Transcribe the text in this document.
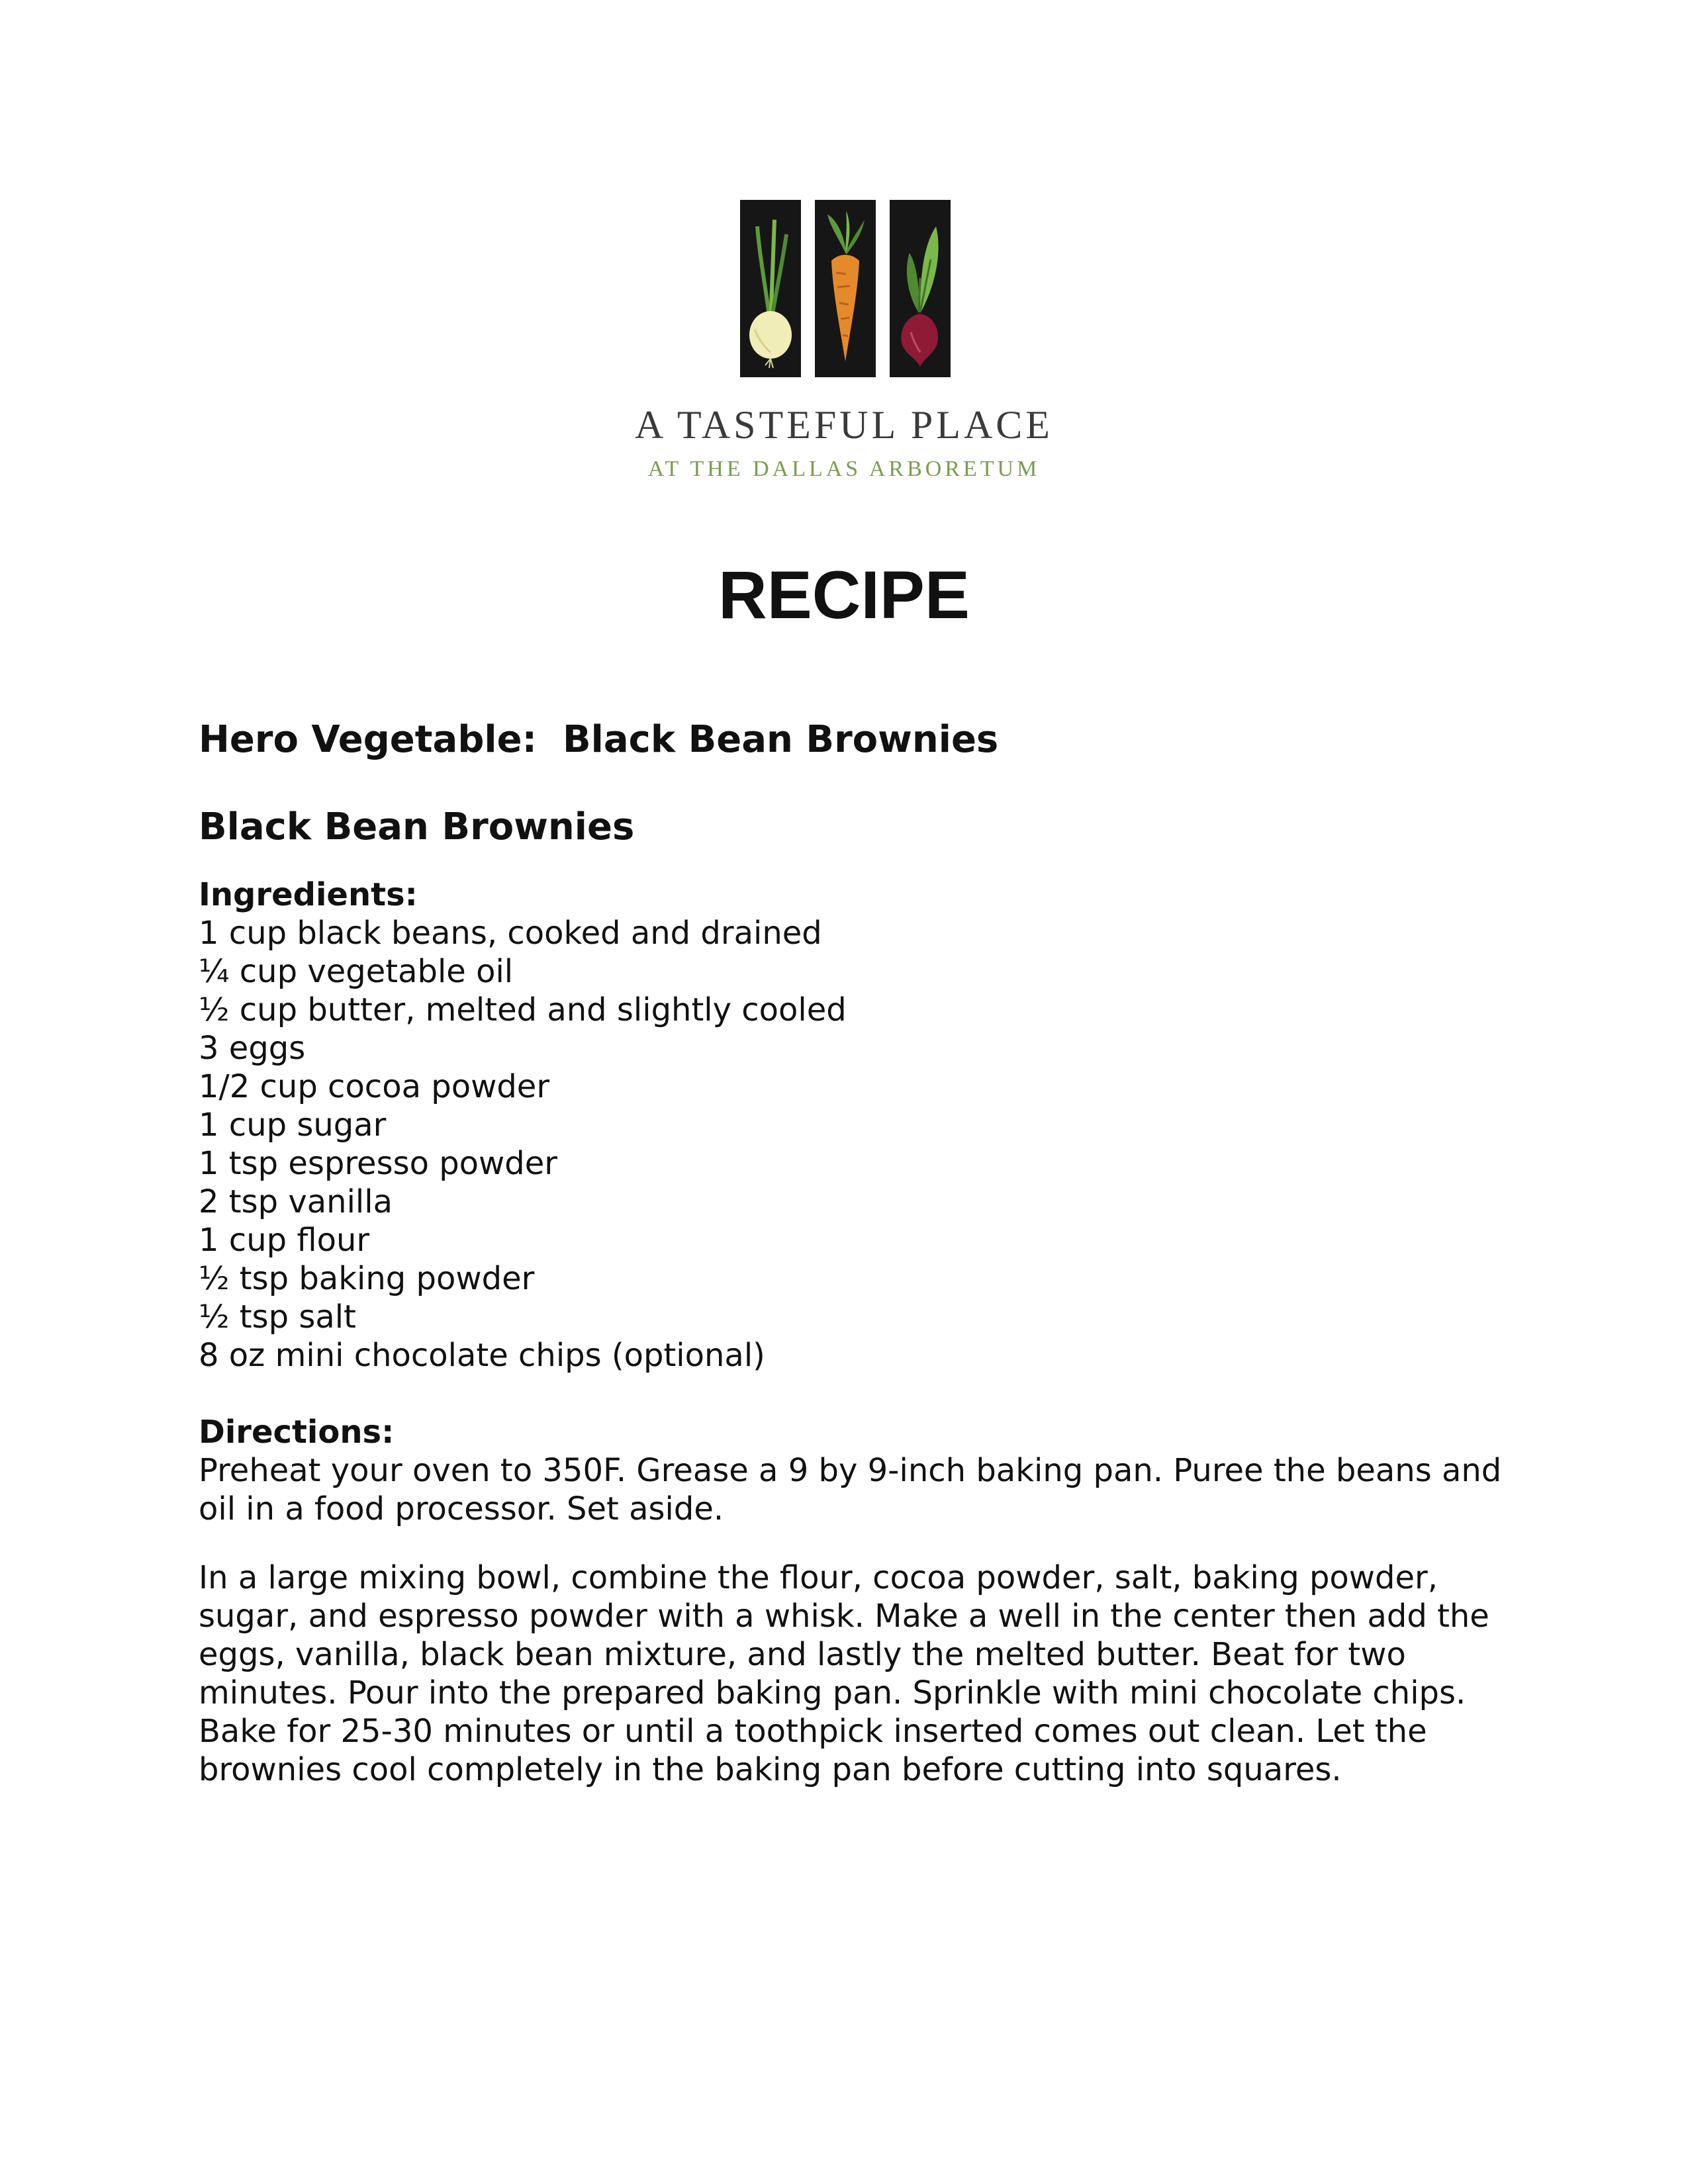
A TASTEFUL PLACE

AT THE DALLAS ARBORETUM

RECIPE

Hero Vegetable:  Black Bean Brownies

Black Bean Brownies

Ingredients:

1 cup black beans, cooked and drained
¼ cup vegetable oil
½ cup butter, melted and slightly cooled
3 eggs
1/2 cup cocoa powder
1 cup sugar
1 tsp espresso powder
2 tsp vanilla
1 cup flour
½ tsp baking powder
½ tsp salt
8 oz mini chocolate chips (optional)

Directions:

Preheat your oven to 350F. Grease a 9 by 9-inch baking pan. Puree the beans and oil in a food processor. Set aside.

In a large mixing bowl, combine the flour, cocoa powder, salt, baking powder, sugar, and espresso powder with a whisk. Make a well in the center then add the eggs, vanilla, black bean mixture, and lastly the melted butter. Beat for two minutes. Pour into the prepared baking pan. Sprinkle with mini chocolate chips. Bake for 25-30 minutes or until a toothpick inserted comes out clean. Let the brownies cool completely in the baking pan before cutting into squares.
